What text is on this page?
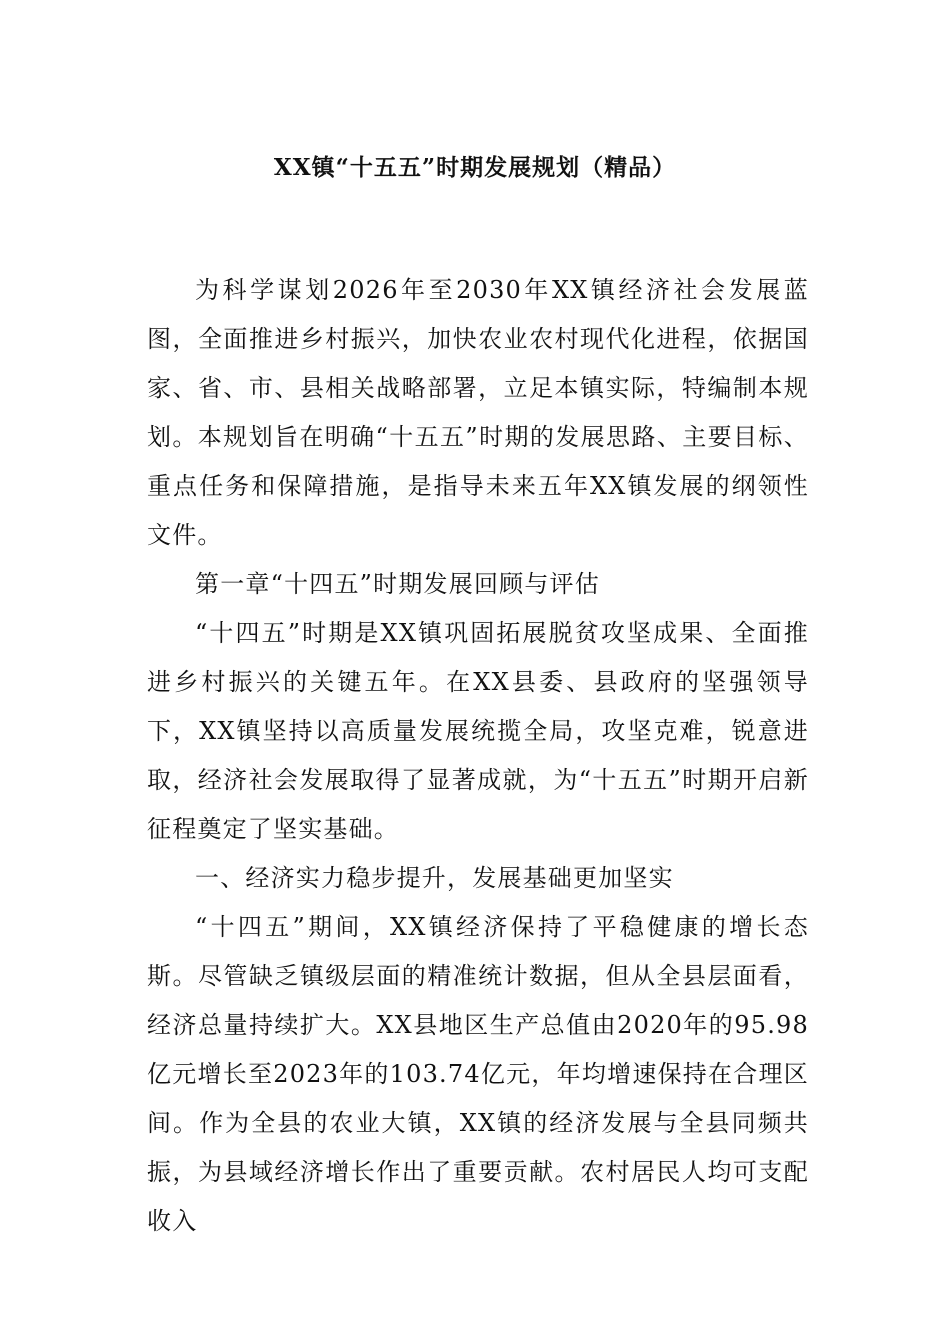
XX镇“十五五”时期发展规划（精品）

为科学谋划2026年至2030年XX镇经济社会发展蓝图，全面推进乡村振兴，加快农业农村现代化进程，依据国家、省、市、县相关战略部署，立足本镇实际，特编制本规划。本规划旨在明确“十五五”时期的发展思路、主要目标、重点任务和保障措施，是指导未来五年XX镇发展的纲领性文件。

第一章“十四五”时期发展回顾与评估

“十四五”时期是XX镇巩固拓展脱贫攻坚成果、全面推进乡村振兴的关键五年。在XX县委、县政府的坚强领导下，XX镇坚持以高质量发展统揽全局，攻坚克难，锐意进取，经济社会发展取得了显著成就，为“十五五”时期开启新征程奠定了坚实基础。

一、经济实力稳步提升，发展基础更加坚实

“十四五”期间，XX镇经济保持了平稳健康的增长态斯。尽管缺乏镇级层面的精准统计数据，但从全县层面看，经济总量持续扩大。XX县地区生产总值由2020年的95.98亿元增长至2023年的103.74亿元，年均增速保持在合理区间。作为全县的农业大镇，XX镇的经济发展与全县同频共振，为县域经济增长作出了重要贡献。农村居民人均可支配收入
